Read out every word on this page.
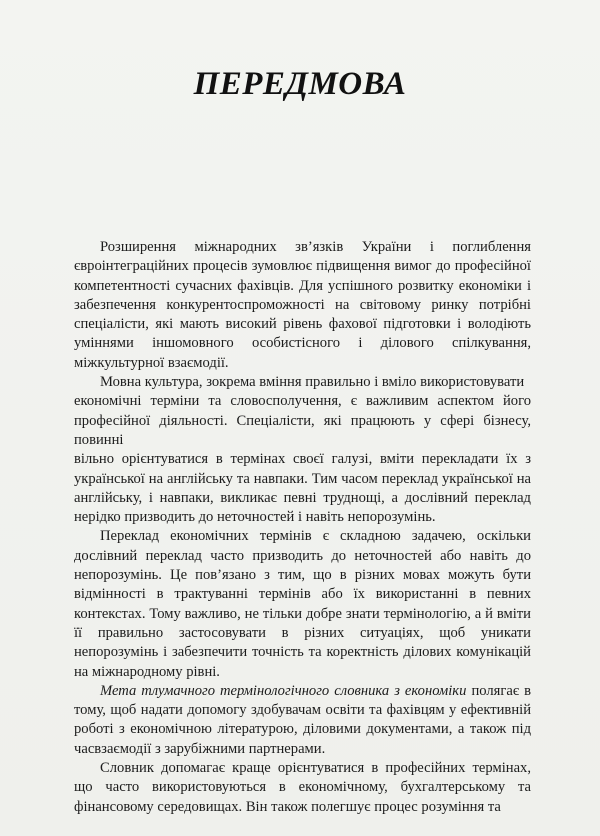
ПЕРЕДМОВА

Розширення міжнародних зв’язків України і поглиблення євроінтеграційних процесів зумовлює підвищення вимог до професійної компетентності сучасних фахівців. Для успішного розвитку економіки і забезпечення конкурентоспроможності на світовому ринку потрібні спеціалісти, які мають високий рівень фахової підготовки і володіють уміннями іншомовного особистісного і ділового спілкування, міжкультурної взаємодії.

Мовна культура, зокрема вміння правильно і вміло використовувати

економічні терміни та словосполучення, є важливим аспектом його професійної діяльності. Спеціалісти, які працюють у сфері бізнесу, повинні

вільно орієнтуватися в термінах своєї галузі, вміти перекладати їх з української на англійську та навпаки. Тим часом переклад української на англійську, і навпаки, викликає певні труднощі, а дослівний переклад нерідко призводить до неточностей і навіть непорозумінь.

Переклад економічних термінів є складною задачею, оскільки дослівний переклад часто призводить до неточностей або навіть до непорозумінь. Це пов’язано з тим, що в різних мовах можуть бути відмінності в трактуванні термінів або їх використанні в певних контекстах. Тому важливо, не тільки добре знати термінологію, а й вміти її правильно застосовувати в різних ситуаціях, щоб уникати непорозумінь і забезпечити точність та коректність ділових комунікацій на міжнародному рівні.

Мета тлумачного термінологічного словника з економіки полягає в тому, щоб надати допомогу здобувачам освіти та фахівцям у ефективній роботі з економічною літературою, діловими документами, а також під часвзаємодії з зарубіжними партнерами.

Словник допомагає краще орієнтуватися в професійних термінах, що часто використовуються в економічному, бухгалтерському та фінансовому середовищах. Він також полегшує процес розуміння та
